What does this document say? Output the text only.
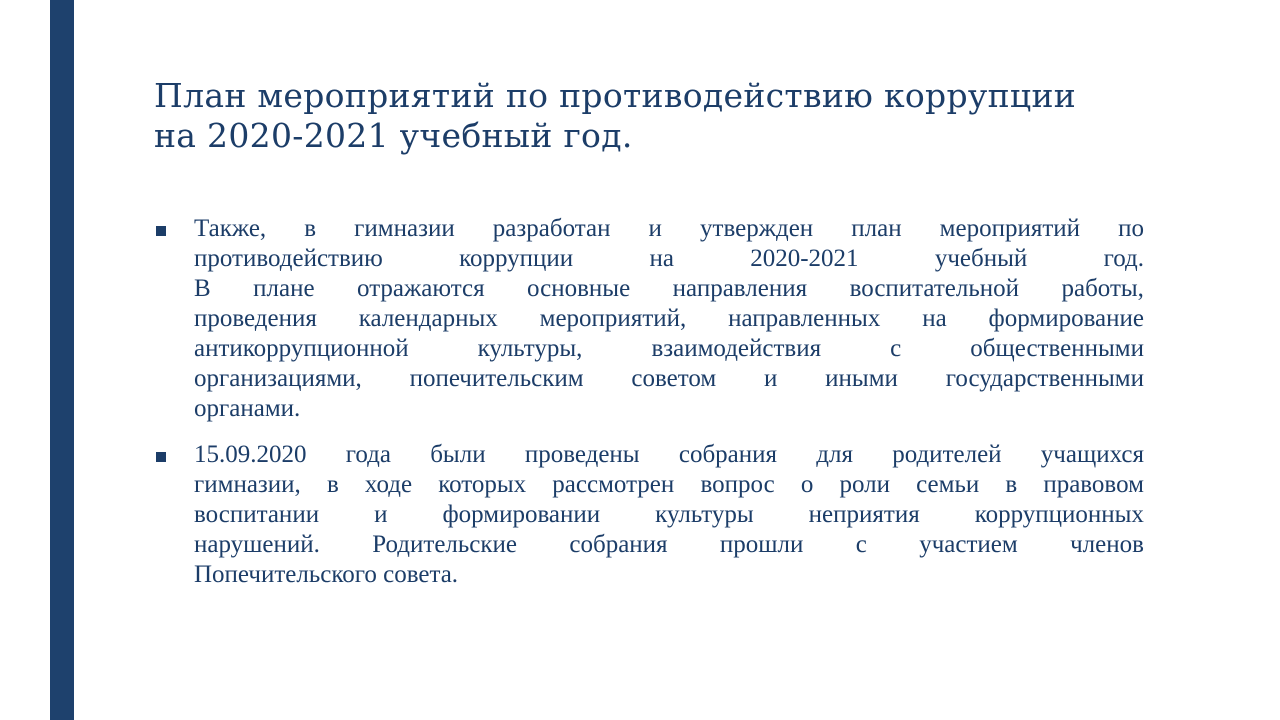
План мероприятий по противодействию коррупции
на 2020-2021 учебный год.

Также, в гимназии разработан и утвержден план мероприятий по
противодействию	коррупции	на	2020-2021	учебный	год.
В плане отражаются основные направления воспитательной работы,
проведения календарных мероприятий, направленных на формирование
антикоррупционной	культуры,	взаимодействия	с	общественными
организациями, попечительским советом и иными государственными
органами.

15.09.2020 года были проведены собрания для родителей учащихся
гимназии, в ходе которых рассмотрен вопрос о роли семьи в правовом
воспитании и формировании культуры неприятия коррупционных
нарушений. Родительские собрания прошли с участием членов
Попечительского совета.
